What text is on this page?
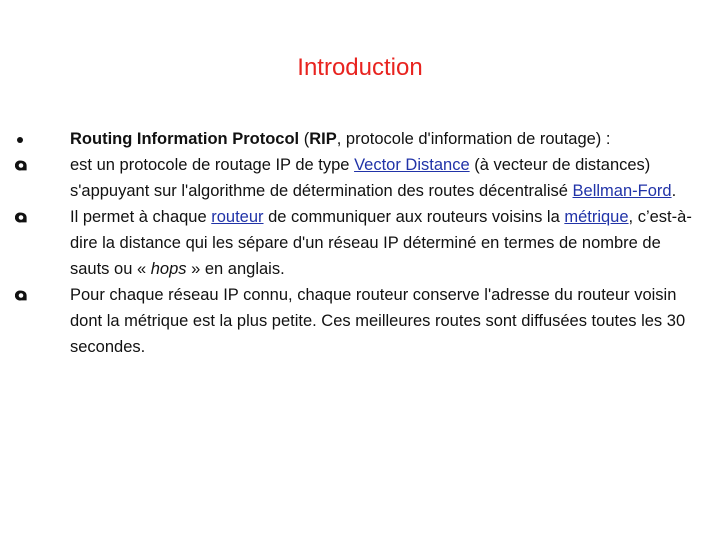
Introduction
Routing Information Protocol (RIP, protocole d'information de routage) :
est un protocole de routage IP de type Vector Distance (à vecteur de distances) s'appuyant sur l'algorithme de détermination des routes décentralisé Bellman-Ford.
Il permet à chaque routeur de communiquer aux routeurs voisins la métrique, c’est-à-dire la distance qui les sépare d'un réseau IP déterminé en termes de nombre de sauts ou « hops » en anglais.
Pour chaque réseau IP connu, chaque routeur conserve l'adresse du routeur voisin dont la métrique est la plus petite. Ces meilleures routes sont diffusées toutes les 30 secondes.
